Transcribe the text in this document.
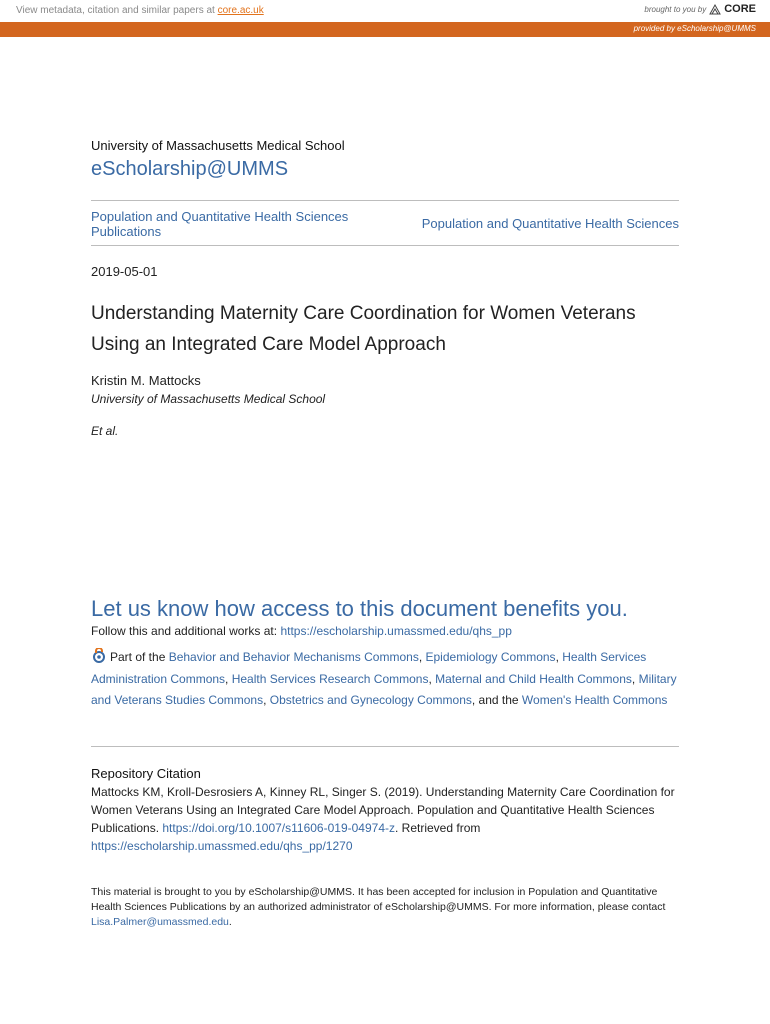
View metadata, citation and similar papers at core.ac.uk	brought to you by CORE
provided by eScholarship@UMMS
University of Massachusetts Medical School
eScholarship@UMMS
Population and Quantitative Health Sciences Publications
Population and Quantitative Health Sciences
2019-05-01
Understanding Maternity Care Coordination for Women Veterans Using an Integrated Care Model Approach
Kristin M. Mattocks
University of Massachusetts Medical School
Et al.
Let us know how access to this document benefits you.
Follow this and additional works at: https://escholarship.umassmed.edu/qhs_pp
Part of the Behavior and Behavior Mechanisms Commons, Epidemiology Commons, Health Services Administration Commons, Health Services Research Commons, Maternal and Child Health Commons, Military and Veterans Studies Commons, Obstetrics and Gynecology Commons, and the Women's Health Commons
Repository Citation
Mattocks KM, Kroll-Desrosiers A, Kinney RL, Singer S. (2019). Understanding Maternity Care Coordination for Women Veterans Using an Integrated Care Model Approach. Population and Quantitative Health Sciences Publications. https://doi.org/10.1007/s11606-019-04974-z. Retrieved from https://escholarship.umassmed.edu/qhs_pp/1270
This material is brought to you by eScholarship@UMMS. It has been accepted for inclusion in Population and Quantitative Health Sciences Publications by an authorized administrator of eScholarship@UMMS. For more information, please contact Lisa.Palmer@umassmed.edu.
